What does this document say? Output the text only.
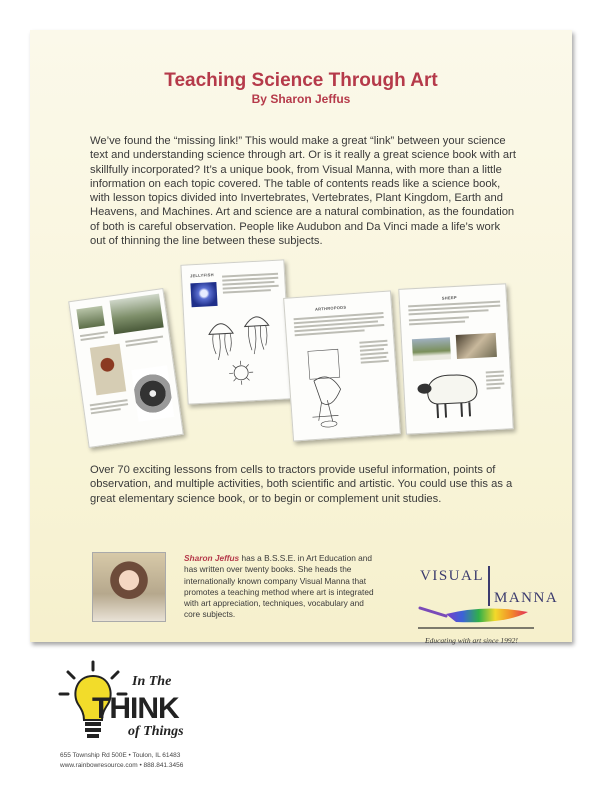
Teaching Science Through Art
By Sharon Jeffus
We’ve found the “missing link!” This would make a great “link” between your science text and understanding science through art. Or is it really a great science book with art skillfully incorporated? It’s a unique book, from Visual Manna, with more than a little information on each topic covered. The table of contents reads like a science book, with lesson topics divided into Invertebrates, Vertebrates, Plant Kingdom, Earth and Heavens, and Machines. Art and science are a natural combination, as the foundation of both is careful observation. People like Audubon and Da Vinci made a life’s work out of thinning the line between these subjects.
JELLYFISH
ARTHROPODS
SHEEP
Over 70 exciting lessons from cells to tractors provide useful information, points of observation, and multiple activities, both scientific and artistic. You could use this as a great elementary science book, or to begin or complement unit studies.
Sharon Jeffus has a B.S.S.E. in Art Education and has written over twenty books. She heads the internationally known company Visual Manna that promotes a teaching method where art is integrated with art appreciation, techniques, vocabulary and core subjects.
VISUAL
MANNA
Educating with art since 1992!
In The
THINK
of Things
655 Township Rd 500E • Toulon, IL 61483
www.rainbowresource.com • 888.841.3456
